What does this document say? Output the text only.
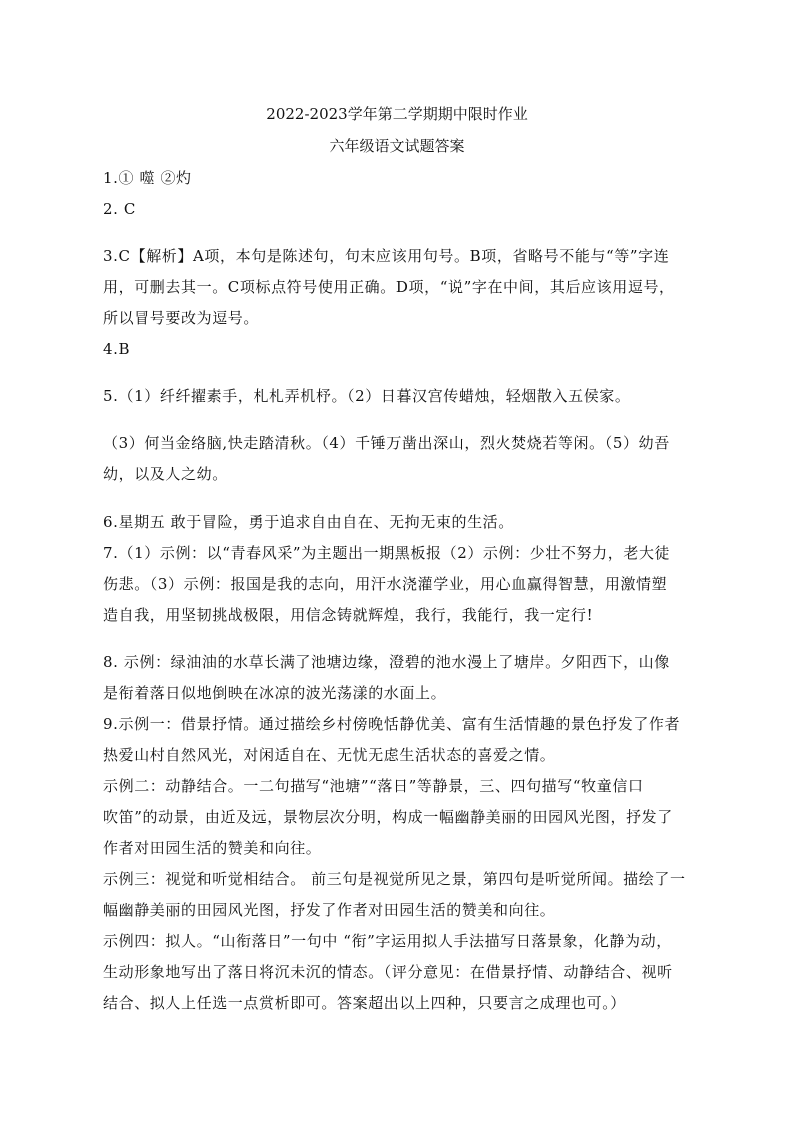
2022-2023学年第二学期期中限时作业
六年级语文试题答案
1.① 噬 ②灼
2. C
3.C【解析】A项，本句是陈述句，句末应该用句号。B项，省略号不能与“等”字连
用，可删去其一。C项标点符号使用正确。D项，“说”字在中间，其后应该用逗号，
所以冒号要改为逗号。
4.B
5.（1）纤纤擢素手，札札弄机杼。（2）日暮汉宫传蜡烛，轻烟散入五侯家。
（3）何当金络脑,快走踏清秋。（4）千锤万凿出深山，烈火焚烧若等闲。（5）幼吾
幼，以及人之幼。
6.星期五 敢于冒险，勇于追求自由自在、无拘无束的生活。
7.（1）示例：以“青春风采”为主题出一期黑板报（2）示例：少壮不努力，老大徒
伤悲。（3）示例：报国是我的志向，用汗水浇灌学业，用心血赢得智慧，用激情塑
造自我，用坚韧挑战极限，用信念铸就辉煌，我行，我能行，我一定行!
8. 示例：绿油油的水草长满了池塘边缘，澄碧的池水漫上了塘岸。夕阳西下，山像
是衔着落日似地倒映在冰凉的波光荡漾的水面上。
9.示例一：借景抒情。通过描绘乡村傍晚恬静优美、富有生活情趣的景色抒发了作者
热爱山村自然风光，对闲适自在、无忧无虑生活状态的喜爱之情。
示例二：动静结合。一二句描写“池塘”“落日”等静景，三、四句描写“牧童信口
吹笛”的动景，由近及远，景物层次分明，构成一幅幽静美丽的田园风光图，抒发了
作者对田园生活的赞美和向往。
示例三：视觉和听觉相结合。 前三句是视觉所见之景，第四句是听觉所闻。描绘了一
幅幽静美丽的田园风光图，抒发了作者对田园生活的赞美和向往。
示例四：拟人。“山衔落日”一句中 “衔”字运用拟人手法描写日落景象，化静为动，
生动形象地写出了落日将沉未沉的情态。（评分意见：在借景抒情、动静结合、视听
结合、拟人上任选一点赏析即可。答案超出以上四种，只要言之成理也可。）
